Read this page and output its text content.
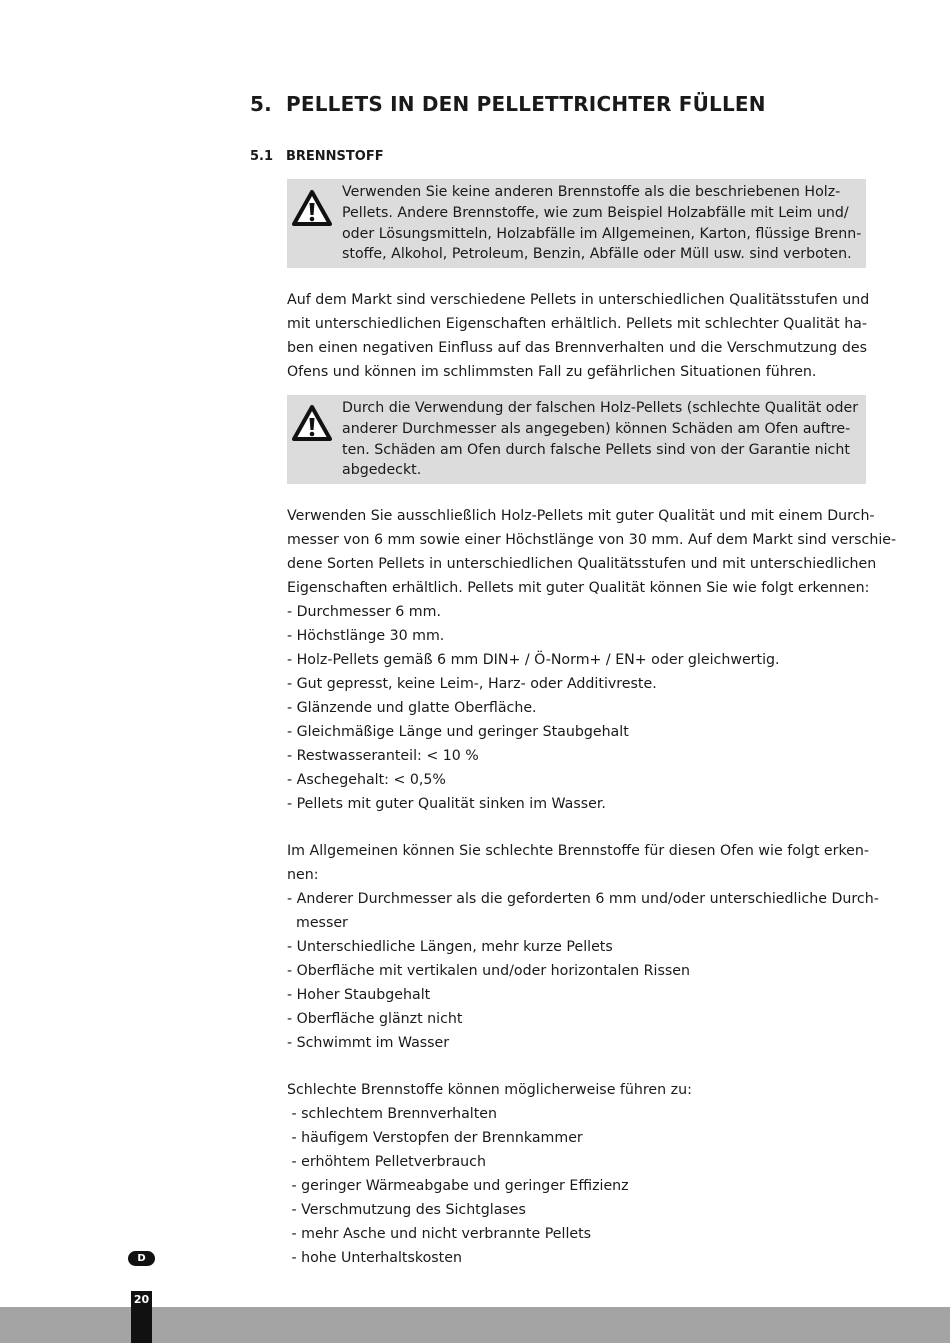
5. PELLETS IN DEN PELLETTRICHTER FÜLLEN
5.1 BRENNSTOFF
Verwenden Sie keine anderen Brennstoffe als die beschriebenen Holz-
Pellets. Andere Brennstoffe, wie zum Beispiel Holzabfälle mit Leim und/
oder Lösungsmitteln, Holzabfälle im Allgemeinen, Karton, flüssige Brenn-
stoffe, Alkohol, Petroleum, Benzin, Abfälle oder Müll usw. sind verboten.
Auf dem Markt sind verschiedene Pellets in unterschiedlichen Qualitätsstufen und
mit unterschiedlichen Eigenschaften erhältlich. Pellets mit schlechter Qualität ha-
ben einen negativen Einfluss auf das Brennverhalten und die Verschmutzung des
Ofens und können im schlimmsten Fall zu gefährlichen Situationen führen.
Durch die Verwendung der falschen Holz-Pellets (schlechte Qualität oder
anderer Durchmesser als angegeben) können Schäden am Ofen auftre-
ten. Schäden am Ofen durch falsche Pellets sind von der Garantie nicht
abgedeckt.
Verwenden Sie ausschließlich Holz-Pellets mit guter Qualität und mit einem Durch-
messer von 6 mm sowie einer Höchstlänge von 30 mm. Auf dem Markt sind verschie-
dene Sorten Pellets in unterschiedlichen Qualitätsstufen und mit unterschiedlichen
Eigenschaften erhältlich. Pellets mit guter Qualität können Sie wie folgt erkennen:
- Durchmesser 6 mm.
- Höchstlänge 30 mm.
- Holz-Pellets gemäß 6 mm DIN+ / Ö-Norm+ / EN+ oder gleichwertig.
- Gut gepresst, keine Leim-, Harz- oder Additivreste.
- Glänzende und glatte Oberfläche.
- Gleichmäßige Länge und geringer Staubgehalt
- Restwasseranteil: < 10 %
- Aschegehalt: < 0,5%
- Pellets mit guter Qualität sinken im Wasser.
Im Allgemeinen können Sie schlechte Brennstoffe für diesen Ofen wie folgt erken-
nen:
- Anderer Durchmesser als die geforderten 6 mm und/oder unterschiedliche Durch-
messer
- Unterschiedliche Längen, mehr kurze Pellets
- Oberfläche mit vertikalen und/oder horizontalen Rissen
- Hoher Staubgehalt
- Oberfläche glänzt nicht
- Schwimmt im Wasser
Schlechte Brennstoffe können möglicherweise führen zu:
- schlechtem Brennverhalten
- häufigem Verstopfen der Brennkammer
- erhöhtem Pelletverbrauch
- geringer Wärmeabgabe und geringer Effizienz
- Verschmutzung des Sichtglases
- mehr Asche und nicht verbrannte Pellets
- hohe Unterhaltskosten
D
20
